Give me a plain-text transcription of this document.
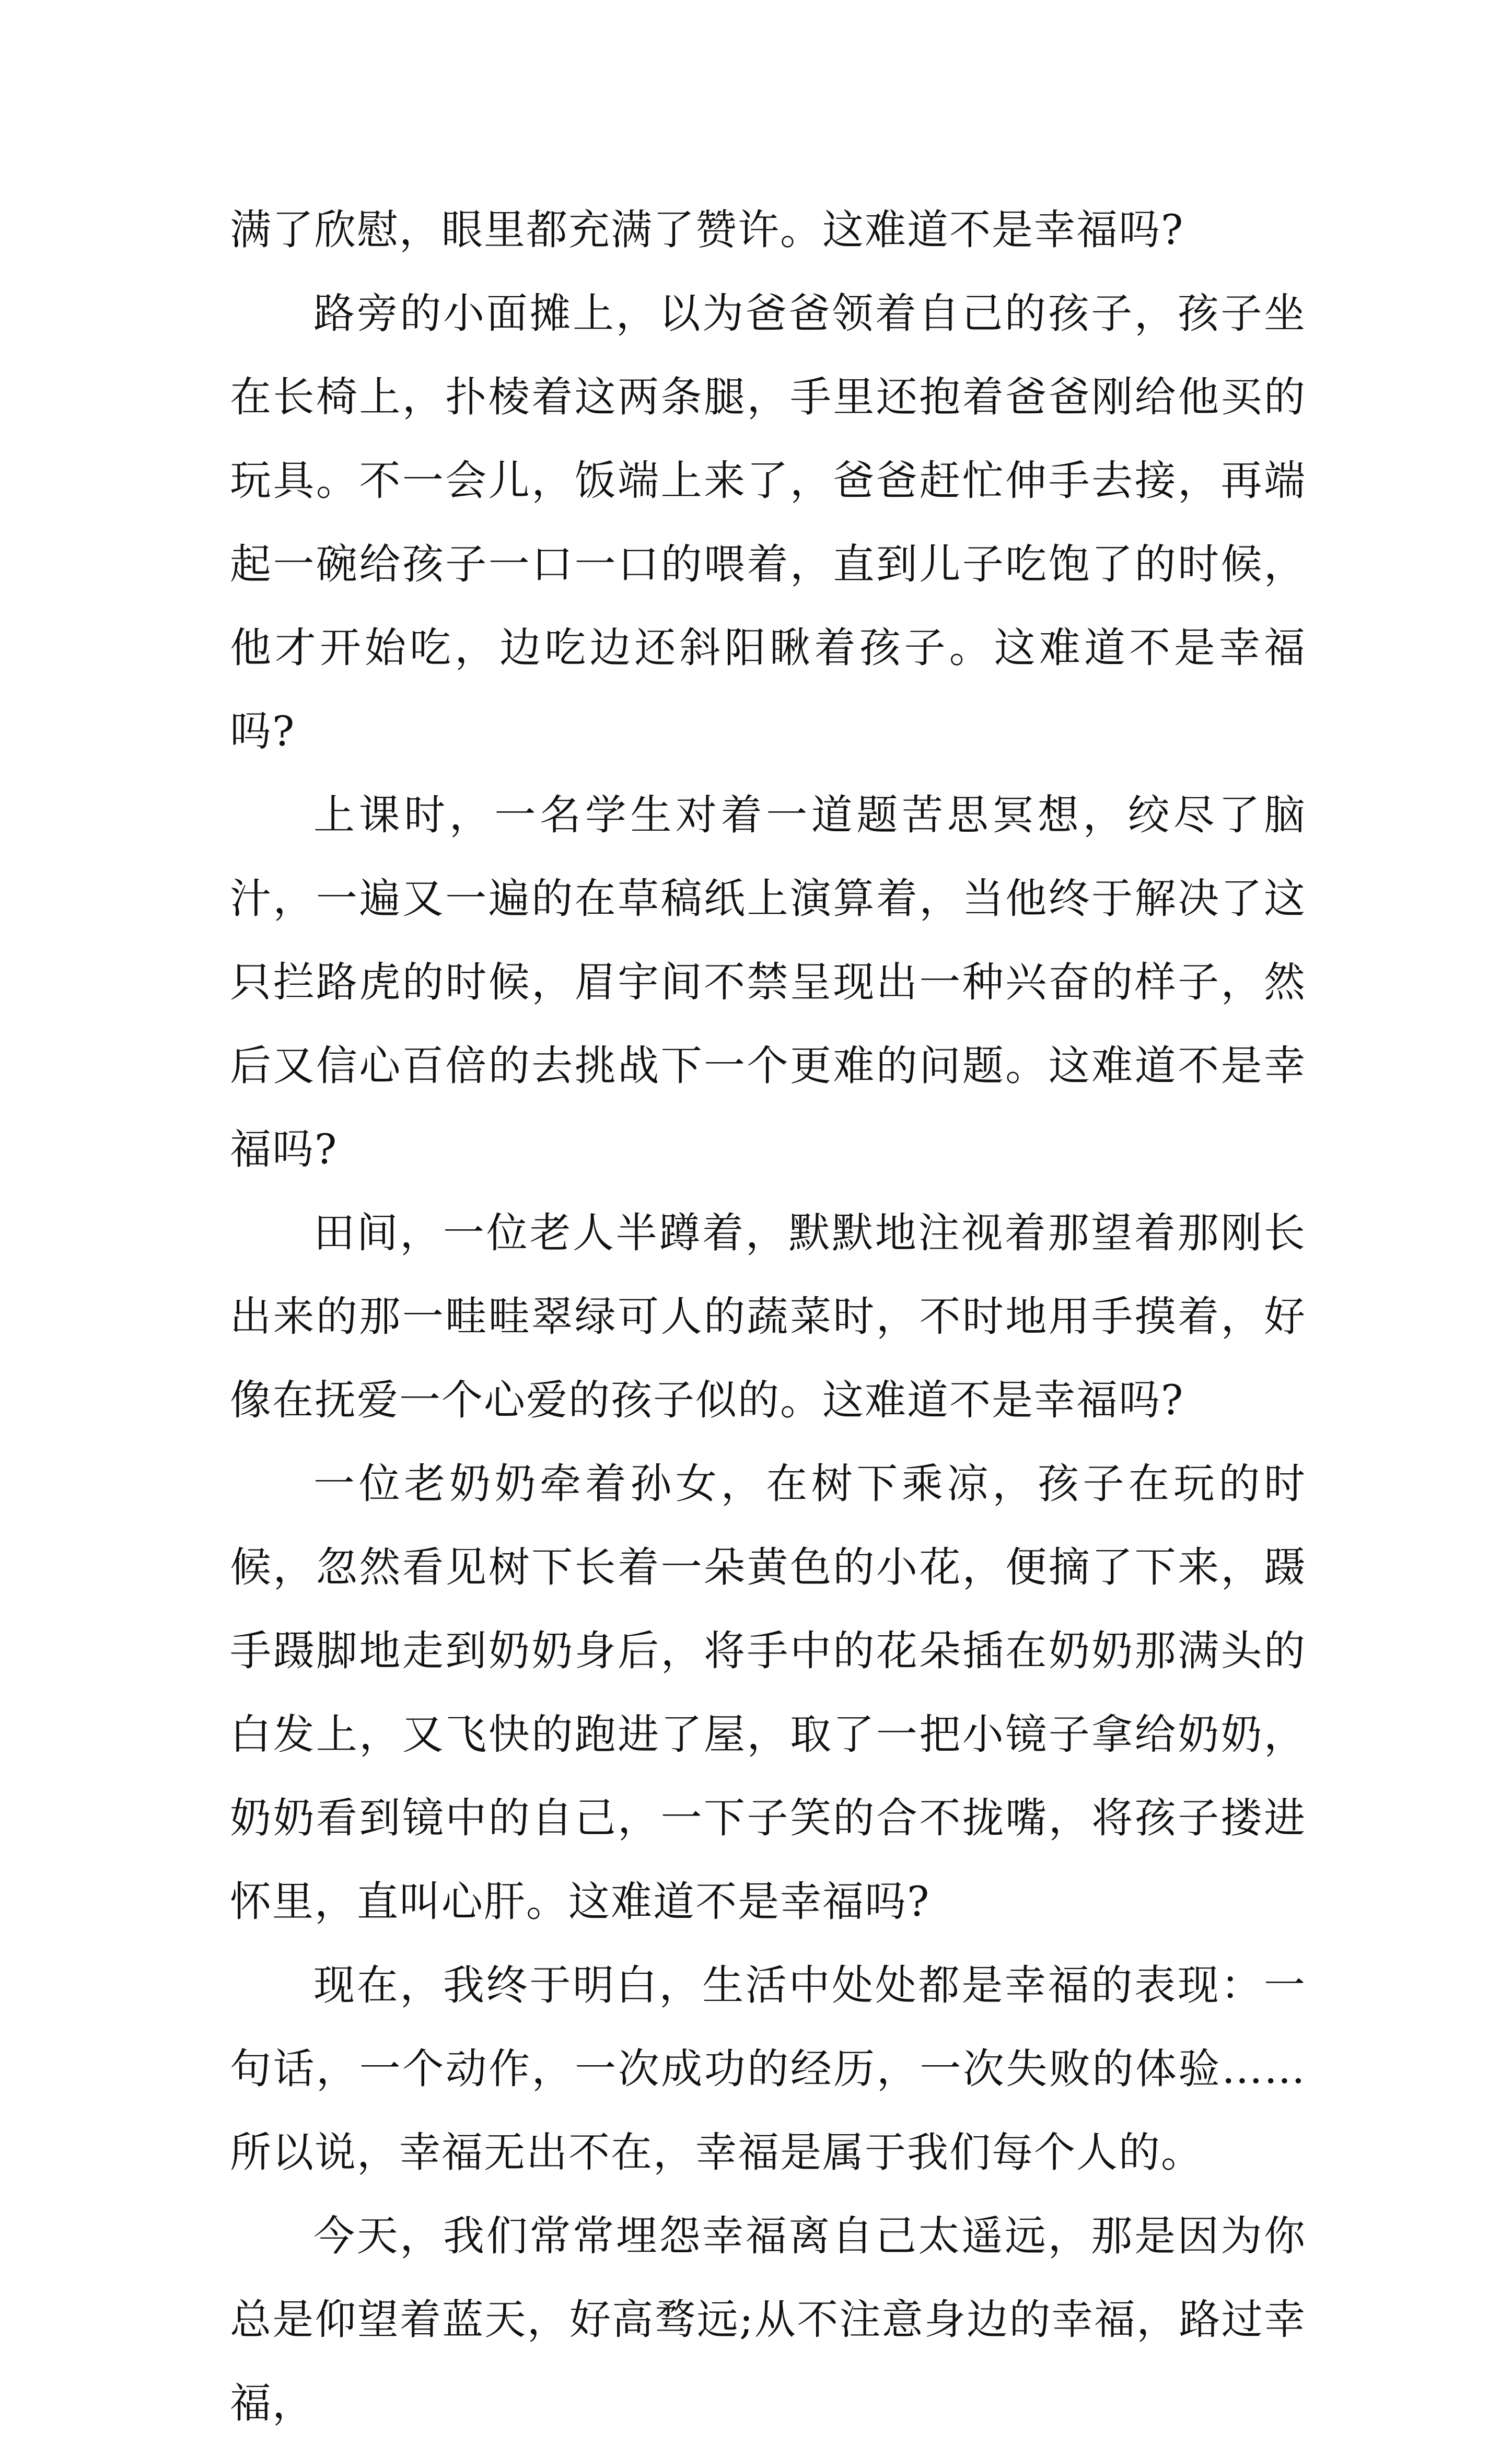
满了欣慰，眼里都充满了赞许。这难道不是幸福吗?

路旁的小面摊上，以为爸爸领着自己的孩子，孩子坐在长椅上，扑棱着这两条腿，手里还抱着爸爸刚给他买的玩具。不一会儿，饭端上来了，爸爸赶忙伸手去接，再端起一碗给孩子一口一口的喂着，直到儿子吃饱了的时候，他才开始吃，边吃边还斜阳瞅着孩子。这难道不是幸福吗?

上课时，一名学生对着一道题苦思冥想，绞尽了脑汁，一遍又一遍的在草稿纸上演算着，当他终于解决了这只拦路虎的时候，眉宇间不禁呈现出一种兴奋的样子，然后又信心百倍的去挑战下一个更难的问题。这难道不是幸福吗?

田间，一位老人半蹲着，默默地注视着那望着那刚长出来的那一畦畦翠绿可人的蔬菜时，不时地用手摸着，好像在抚爱一个心爱的孩子似的。这难道不是幸福吗?

一位老奶奶牵着孙女，在树下乘凉，孩子在玩的时候，忽然看见树下长着一朵黄色的小花，便摘了下来，蹑手蹑脚地走到奶奶身后，将手中的花朵插在奶奶那满头的白发上，又飞快的跑进了屋，取了一把小镜子拿给奶奶，奶奶看到镜中的自己，一下子笑的合不拢嘴，将孩子搂进怀里，直叫心肝。这难道不是幸福吗?

现在，我终于明白，生活中处处都是幸福的表现：一句话，一个动作，一次成功的经历，一次失败的体验……所以说，幸福无出不在，幸福是属于我们每个人的。

今天，我们常常埋怨幸福离自己太遥远，那是因为你总是仰望着蓝天，好高骛远;从不注意身边的幸福，路过幸福，
